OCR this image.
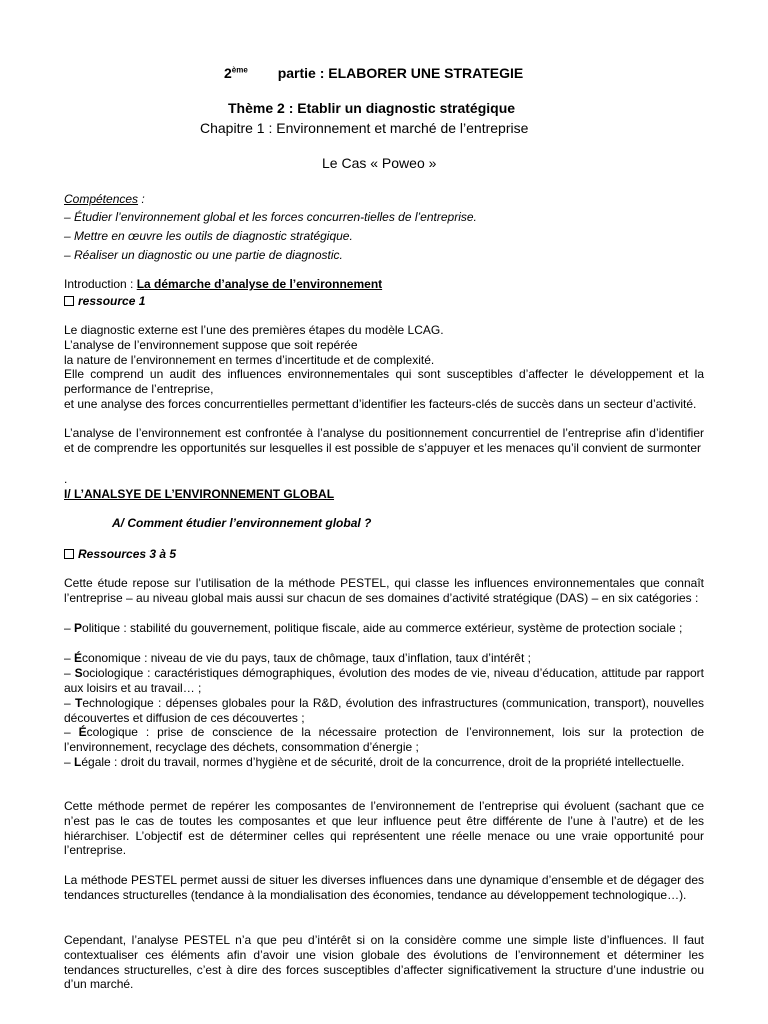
2ème partie : ELABORER UNE STRATEGIE
Thème 2 : Etablir un diagnostic stratégique
Chapitre 1 : Environnement et marché de l’entreprise
Le Cas « Poweo »
Compétences :
– Étudier l’environnement global et les forces concurren-tielles de l’entreprise.
– Mettre en œuvre les outils de diagnostic stratégique.
– Réaliser un diagnostic ou une partie de diagnostic.
Introduction : La démarche d’analyse de l’environnement
ressource 1
Le diagnostic externe est l’une des premières étapes du modèle LCAG.
L’analyse de l’environnement suppose que soit repérée
la nature de l’environnement en termes d’incertitude et de complexité.

Elle comprend un audit des influences environnementales qui sont susceptibles d’affecter le développement et la performance de l’entreprise,

et une analyse des forces concurrentielles permettant d’identifier les facteurs-clés de succès dans un secteur d’activité.

L’analyse de l’environnement est confrontée à l’analyse du positionnement concurrentiel de l’entreprise afin d’identifier et de comprendre les opportunités sur lesquelles il est possible de s’appuyer et les menaces qu’il convient de surmonter

.
I/ L’ANALSYE DE L’ENVIRONNEMENT GLOBAL
A/ Comment étudier l’environnement global ?
Ressources 3 à 5

Cette étude repose sur l’utilisation de la méthode PESTEL, qui classe les influences environnementales que connaît l’entreprise – au niveau global mais aussi sur chacun de ses domaines d’activité stratégique (DAS) – en six catégories :

– Politique : stabilité du gouvernement, politique fiscale, aide au commerce extérieur, système de protection sociale ;

– Économique : niveau de vie du pays, taux de chômage, taux d’inflation, taux d’intérêt ;

– Sociologique : caractéristiques démographiques, évolution des modes de vie, niveau d’éducation, attitude par rapport aux loisirs et au travail… ;

– Technologique : dépenses globales pour la R&D, évolution des infrastructures (communication, transport), nouvelles découvertes et diffusion de ces découvertes ;

– Écologique : prise de conscience de la nécessaire protection de l’environnement, lois sur la protection de l’environnement, recyclage des déchets, consommation d’énergie ;

– Légale : droit du travail, normes d’hygiène et de sécurité, droit de la concurrence, droit de la propriété intellectuelle.

Cette méthode permet de repérer les composantes de l’environnement de l’entreprise qui évoluent (sachant que ce n’est pas le cas de toutes les composantes et que leur influence peut être différente de l’une à l’autre) et de les hiérarchiser. L’objectif est de déterminer celles qui représentent une réelle menace ou une vraie opportunité pour l’entreprise.

La méthode PESTEL permet aussi de situer les diverses influences dans une dynamique d’ensemble et de dégager des tendances structurelles (tendance à la mondialisation des économies, tendance au développement technologique…).

Cependant, l’analyse PESTEL n’a que peu d’intérêt si on la considère comme une simple liste d’influences. Il faut contextualiser ces éléments afin d’avoir une vision globale des évolutions de l’environnement et déterminer les tendances structurelles, c’est à dire des forces susceptibles d’affecter significativement la structure d’une industrie ou d’un marché.
